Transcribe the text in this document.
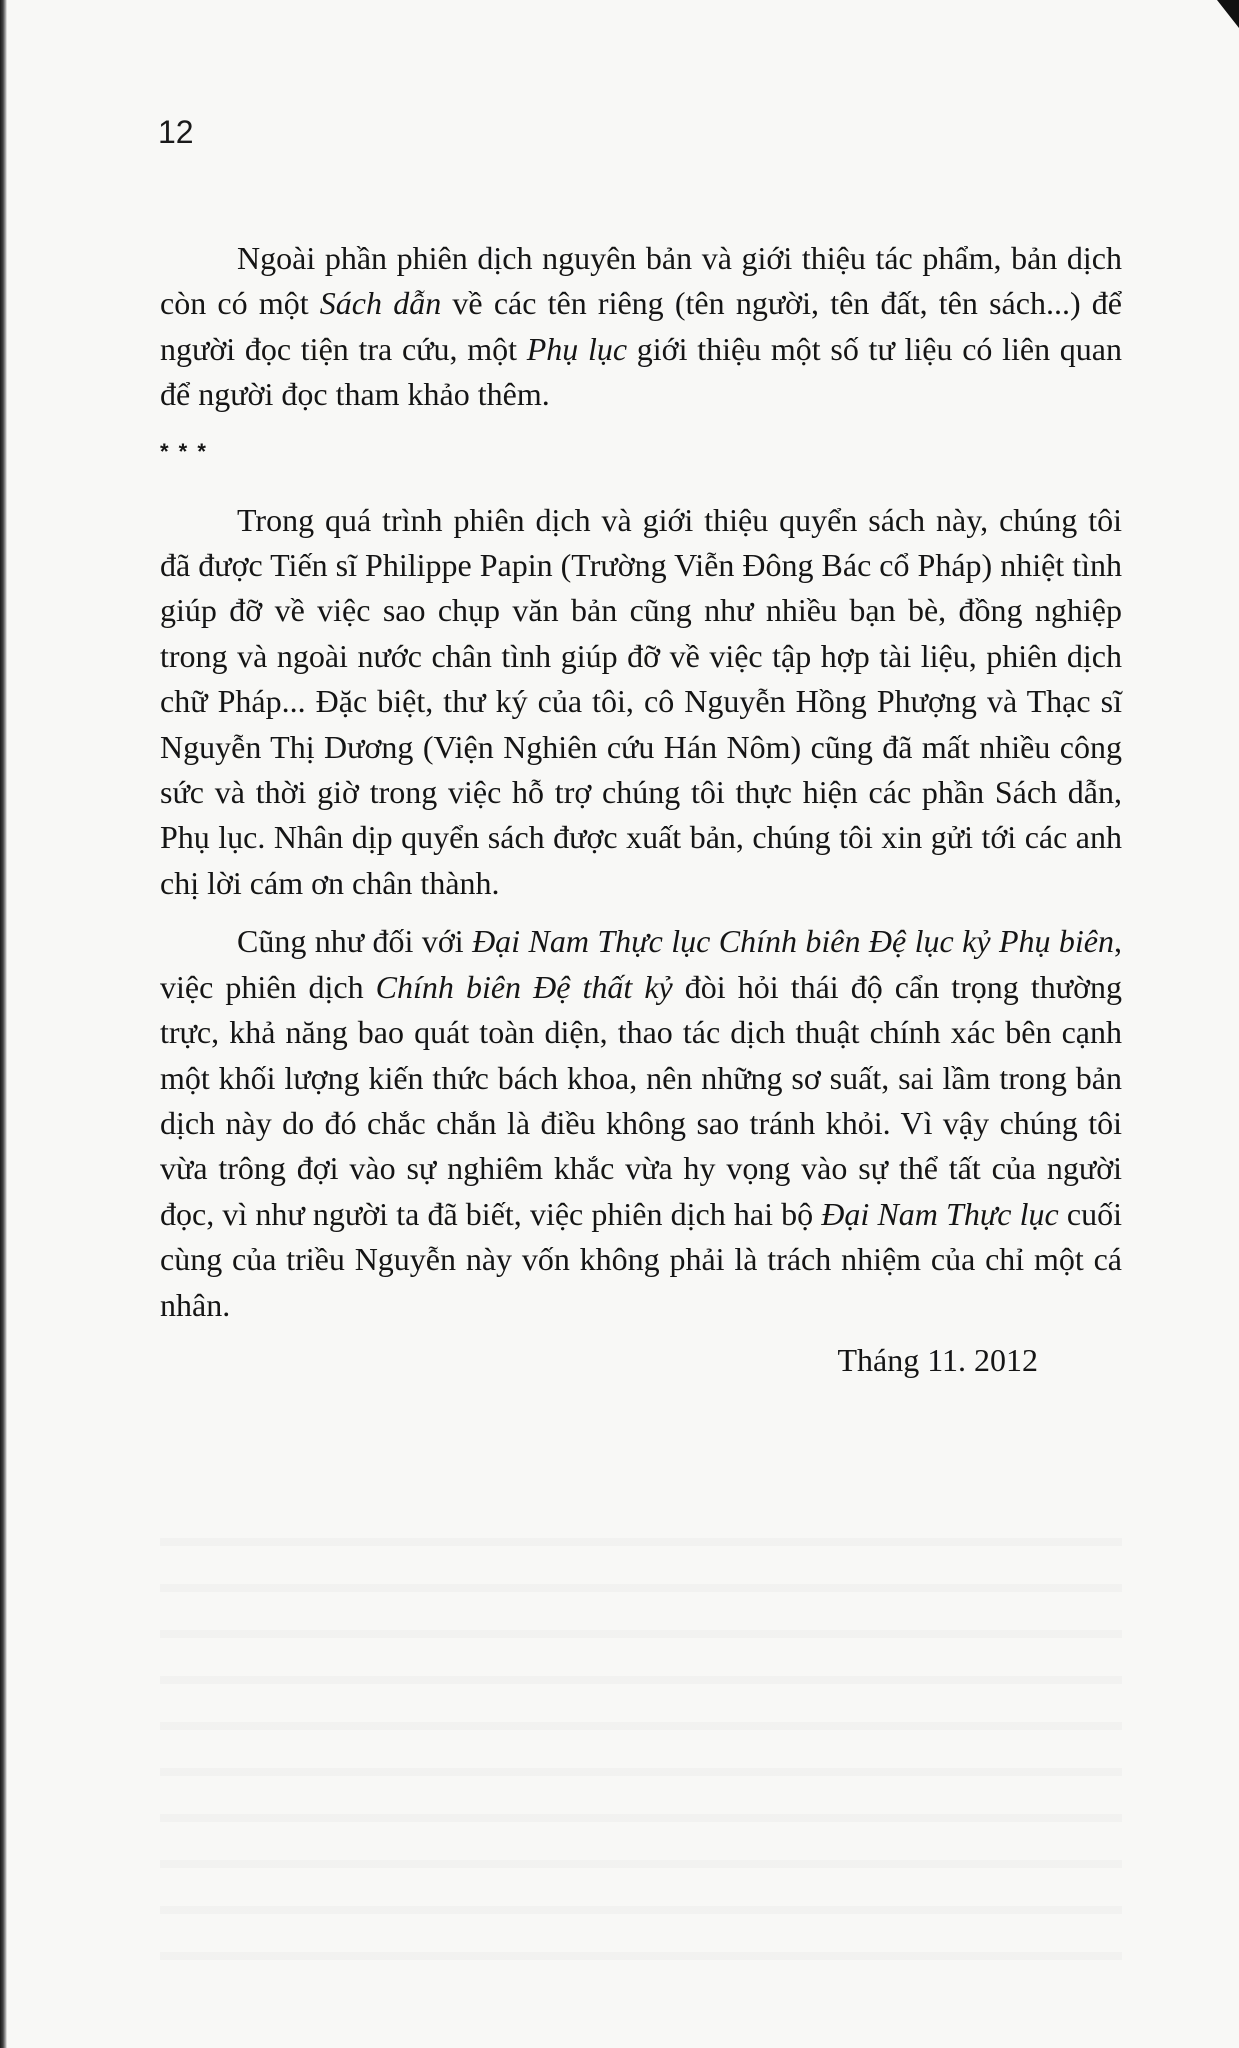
12

Ngoài phần phiên dịch nguyên bản và giới thiệu tác phẩm, bản dịch còn có một Sách dẫn về các tên riêng (tên người, tên đất, tên sách...) để người đọc tiện tra cứu, một Phụ lục giới thiệu một số tư liệu có liên quan để người đọc tham khảo thêm.

* * *

Trong quá trình phiên dịch và giới thiệu quyển sách này, chúng tôi đã được Tiến sĩ Philippe Papin (Trường Viễn Đông Bác cổ Pháp) nhiệt tình giúp đỡ về việc sao chụp văn bản cũng như nhiều bạn bè, đồng nghiệp trong và ngoài nước chân tình giúp đỡ về việc tập hợp tài liệu, phiên dịch chữ Pháp... Đặc biệt, thư ký của tôi, cô Nguyễn Hồng Phượng và Thạc sĩ Nguyễn Thị Dương (Viện Nghiên cứu Hán Nôm) cũng đã mất nhiều công sức và thời giờ trong việc hỗ trợ chúng tôi thực hiện các phần Sách dẫn, Phụ lục. Nhân dịp quyển sách được xuất bản, chúng tôi xin gửi tới các anh chị lời cám ơn chân thành.

Cũng như đối với Đại Nam Thực lục Chính biên Đệ lục kỷ Phụ biên, việc phiên dịch Chính biên Đệ thất kỷ đòi hỏi thái độ cẩn trọng thường trực, khả năng bao quát toàn diện, thao tác dịch thuật chính xác bên cạnh một khối lượng kiến thức bách khoa, nên những sơ suất, sai lầm trong bản dịch này do đó chắc chắn là điều không sao tránh khỏi. Vì vậy chúng tôi vừa trông đợi vào sự nghiêm khắc vừa hy vọng vào sự thể tất của người đọc, vì như người ta đã biết, việc phiên dịch hai bộ Đại Nam Thực lục cuối cùng của triều Nguyễn này vốn không phải là trách nhiệm của chỉ một cá nhân.

Tháng 11. 2012
